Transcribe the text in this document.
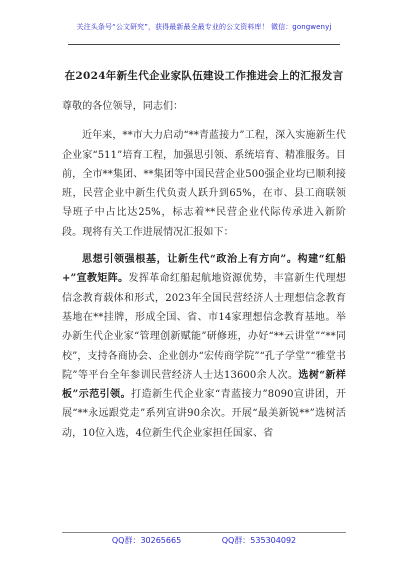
关注头条号“公文研究”，获得最新最全最专业的公文资料库！ 微信：gongwenyj
在2024年新生代企业家队伍建设工作推进会上的汇报发言

尊敬的各位领导，同志们：

近年来，**市大力启动“**青蓝接力”工程，深入实施新生代企业家“511”培育工程，加强思引领、系统培育、精准服务。目前，全市**集团、**集团等中国民营企业500强企业均已顺利接班，民营企业中新生代负责人跃升到65%，在市、县工商联领导班子中占比达25%，标志着**民营企业代际传承进入新阶段。现将有关工作进展情况汇报如下：

思想引领强根基，让新生代“政治上有方向”。构建“红船+”宣教矩阵。发挥革命红船起航地资源优势，丰富新生代理想信念教育载体和形式，2023年全国民营经济人士理想信念教育基地在**挂牌，形成全国、省、市14家理想信念教育基地。举办新生代企业家“管理创新赋能”研修班，办好“**云讲堂”“**同校”，支持各商协会、企业创办“宏传商学院”“孔子学堂”“雅堂书院”等平台全年参训民营经济人士达13600余人次。选树“新样板”示范引领。打造新生代企业家“青蓝接力”8090宣讲团，开展“**永远跟党走”系列宣讲90余次。开展“最美新锐**”选树活动，10位入选，4位新生代企业家担任国家、省

QQ群：30265665	QQ群：535304092
